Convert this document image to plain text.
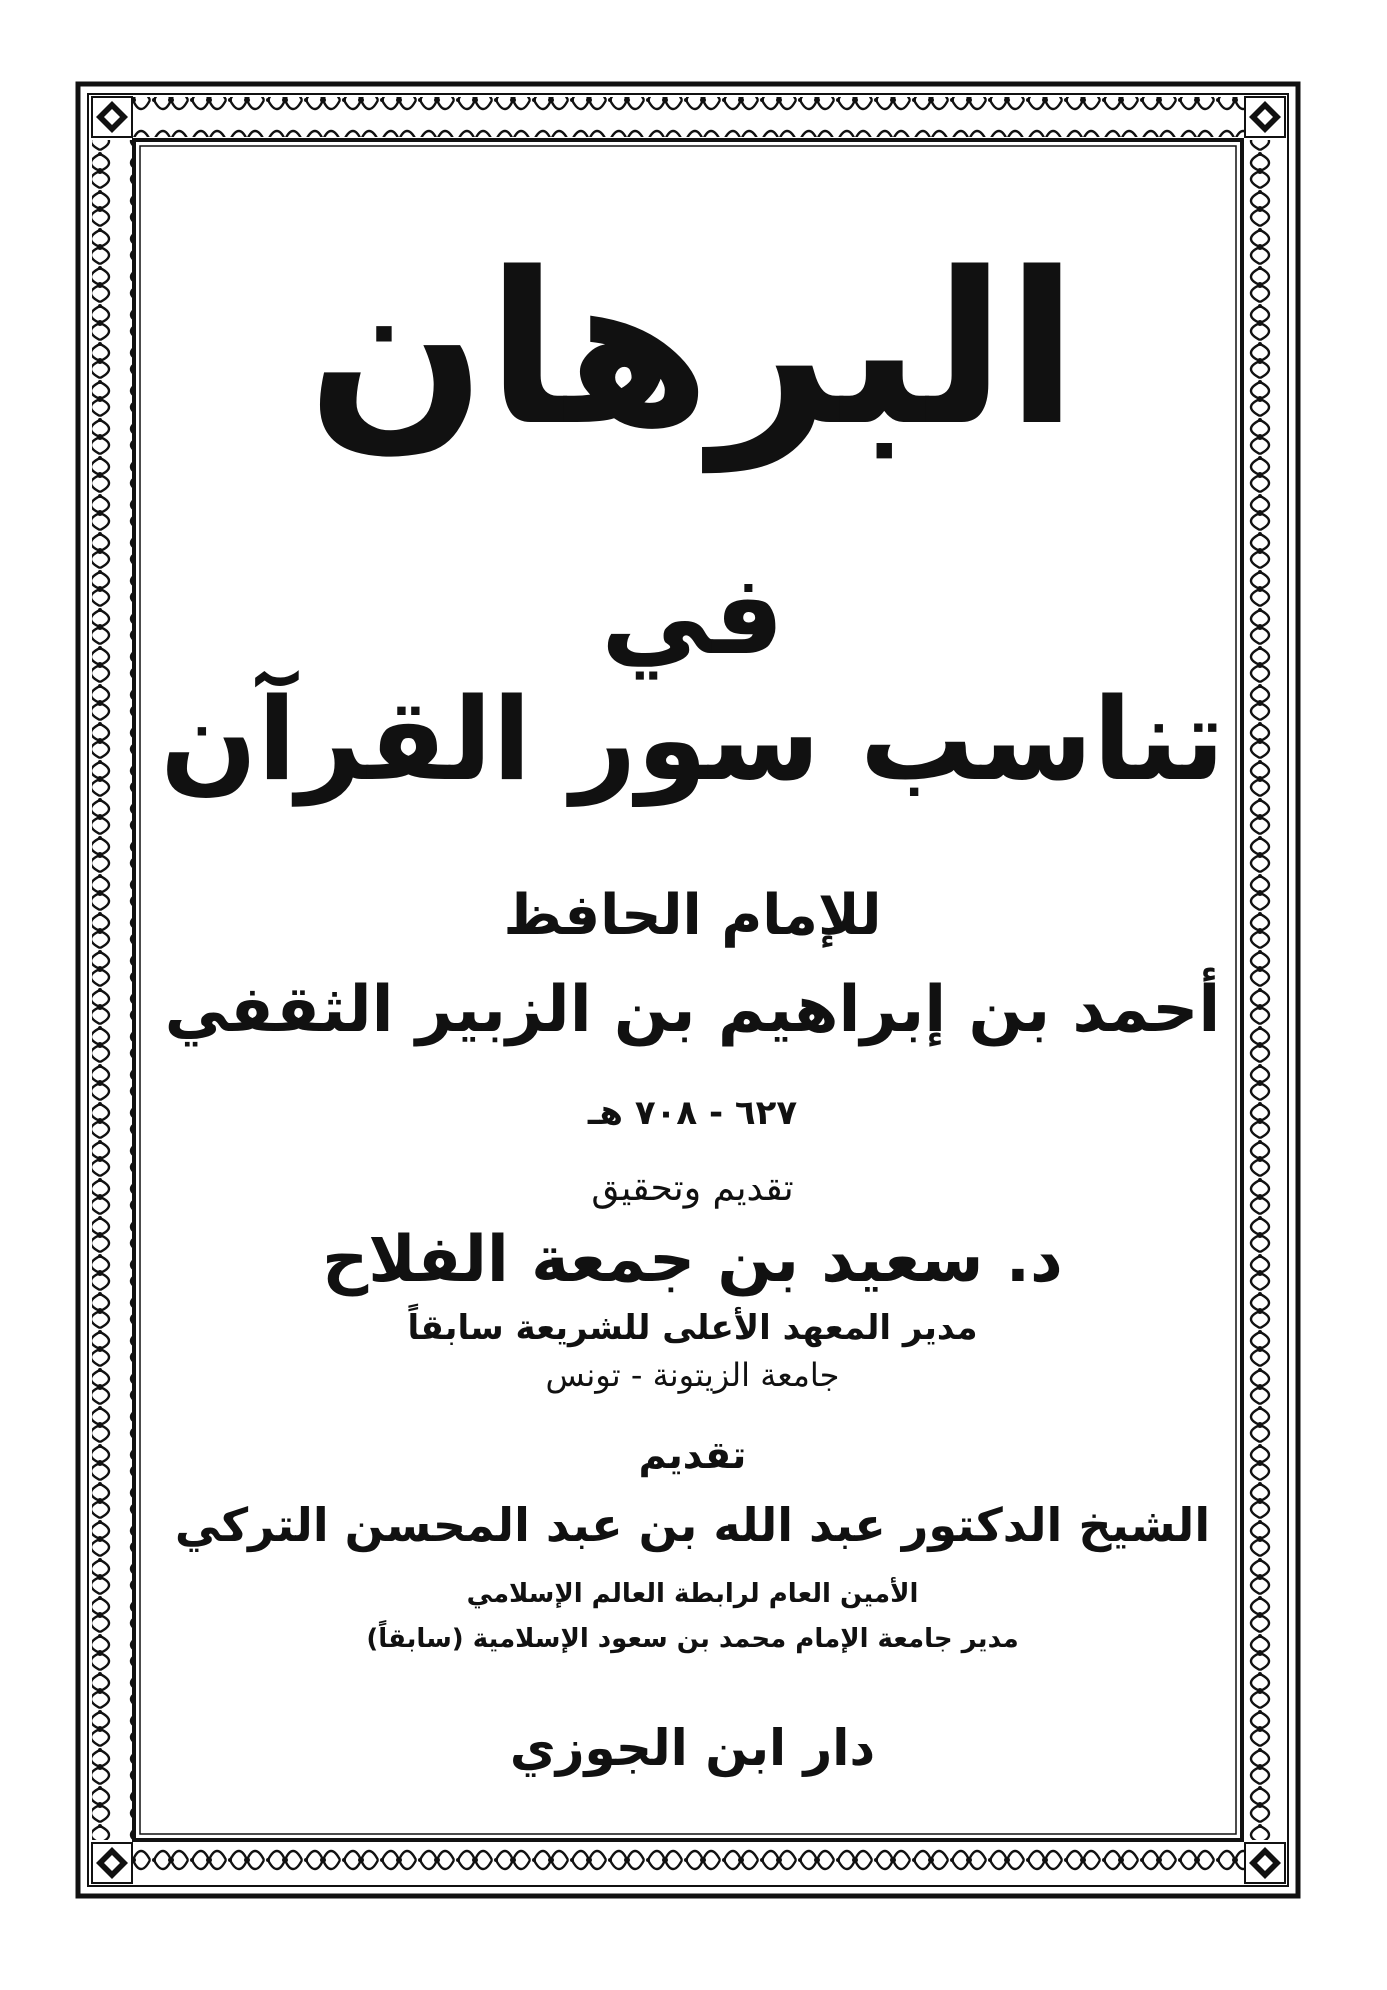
البرهان
في
تناسب سور القرآن
للإمام الحافظ
أحمد بن إبراهيم بن الزبير الثقفي
٦٢٧ - ٧٠٨ هـ
تقديم وتحقيق
د. سعيد بن جمعة الفلاح
مدير المعهد الأعلى للشريعة سابقاً
جامعة الزيتونة - تونس
تقديم
الشيخ الدكتور عبد الله بن عبد المحسن التركي
الأمين العام لرابطة العالم الإسلامي
مدير جامعة الإمام محمد بن سعود الإسلامية (سابقاً)
دار ابن الجوزي
